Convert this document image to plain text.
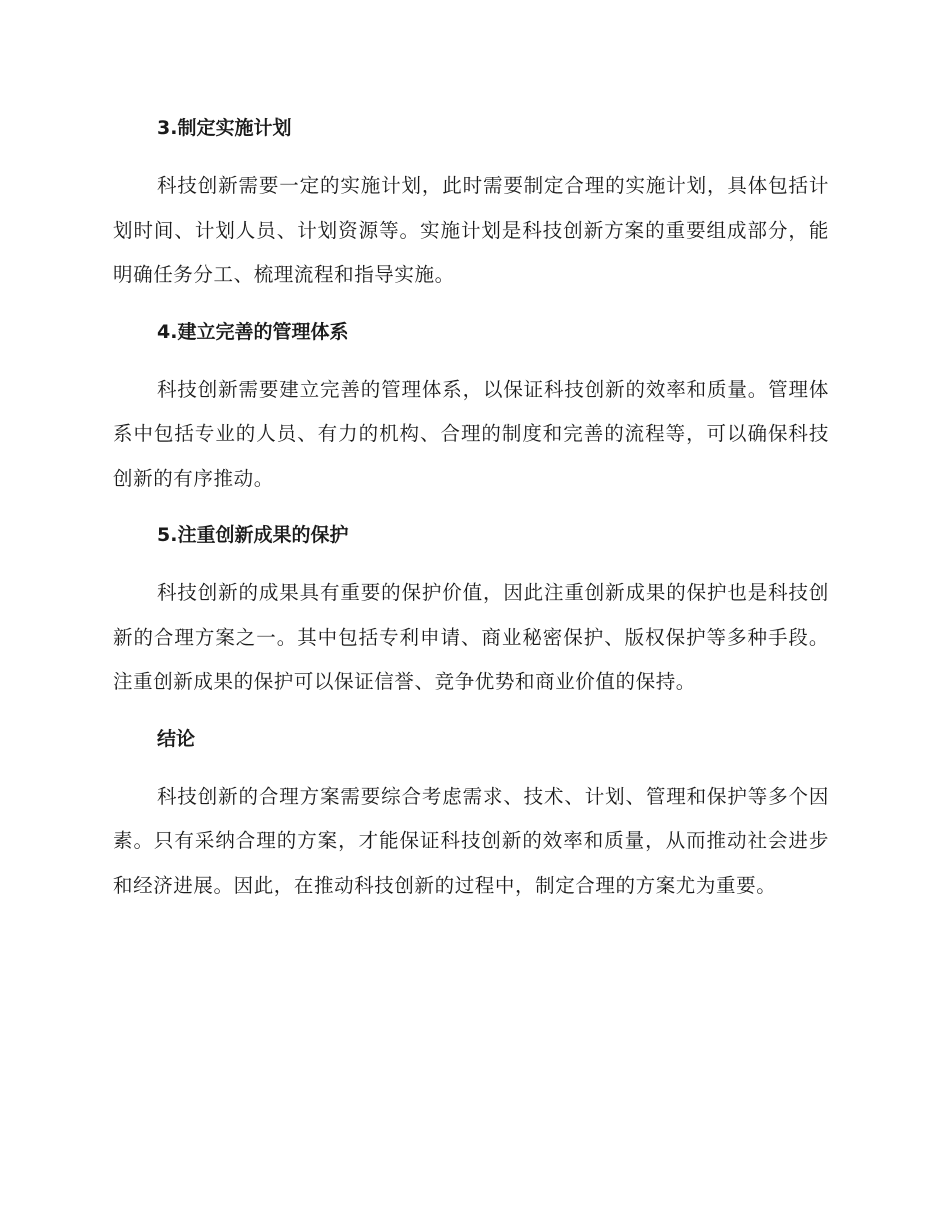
3.制定实施计划

科技创新需要一定的实施计划，此时需要制定合理的实施计划，具体包括计划时间、计划人员、计划资源等。实施计划是科技创新方案的重要组成部分，能明确任务分工、梳理流程和指导实施。

4.建立完善的管理体系

科技创新需要建立完善的管理体系，以保证科技创新的效率和质量。管理体系中包括专业的人员、有力的机构、合理的制度和完善的流程等，可以确保科技创新的有序推动。

5.注重创新成果的保护

科技创新的成果具有重要的保护价值，因此注重创新成果的保护也是科技创新的合理方案之一。其中包括专利申请、商业秘密保护、版权保护等多种手段。注重创新成果的保护可以保证信誉、竞争优势和商业价值的保持。

结论

科技创新的合理方案需要综合考虑需求、技术、计划、管理和保护等多个因素。只有采纳合理的方案，才能保证科技创新的效率和质量，从而推动社会进步和经济进展。因此，在推动科技创新的过程中，制定合理的方案尤为重要。
